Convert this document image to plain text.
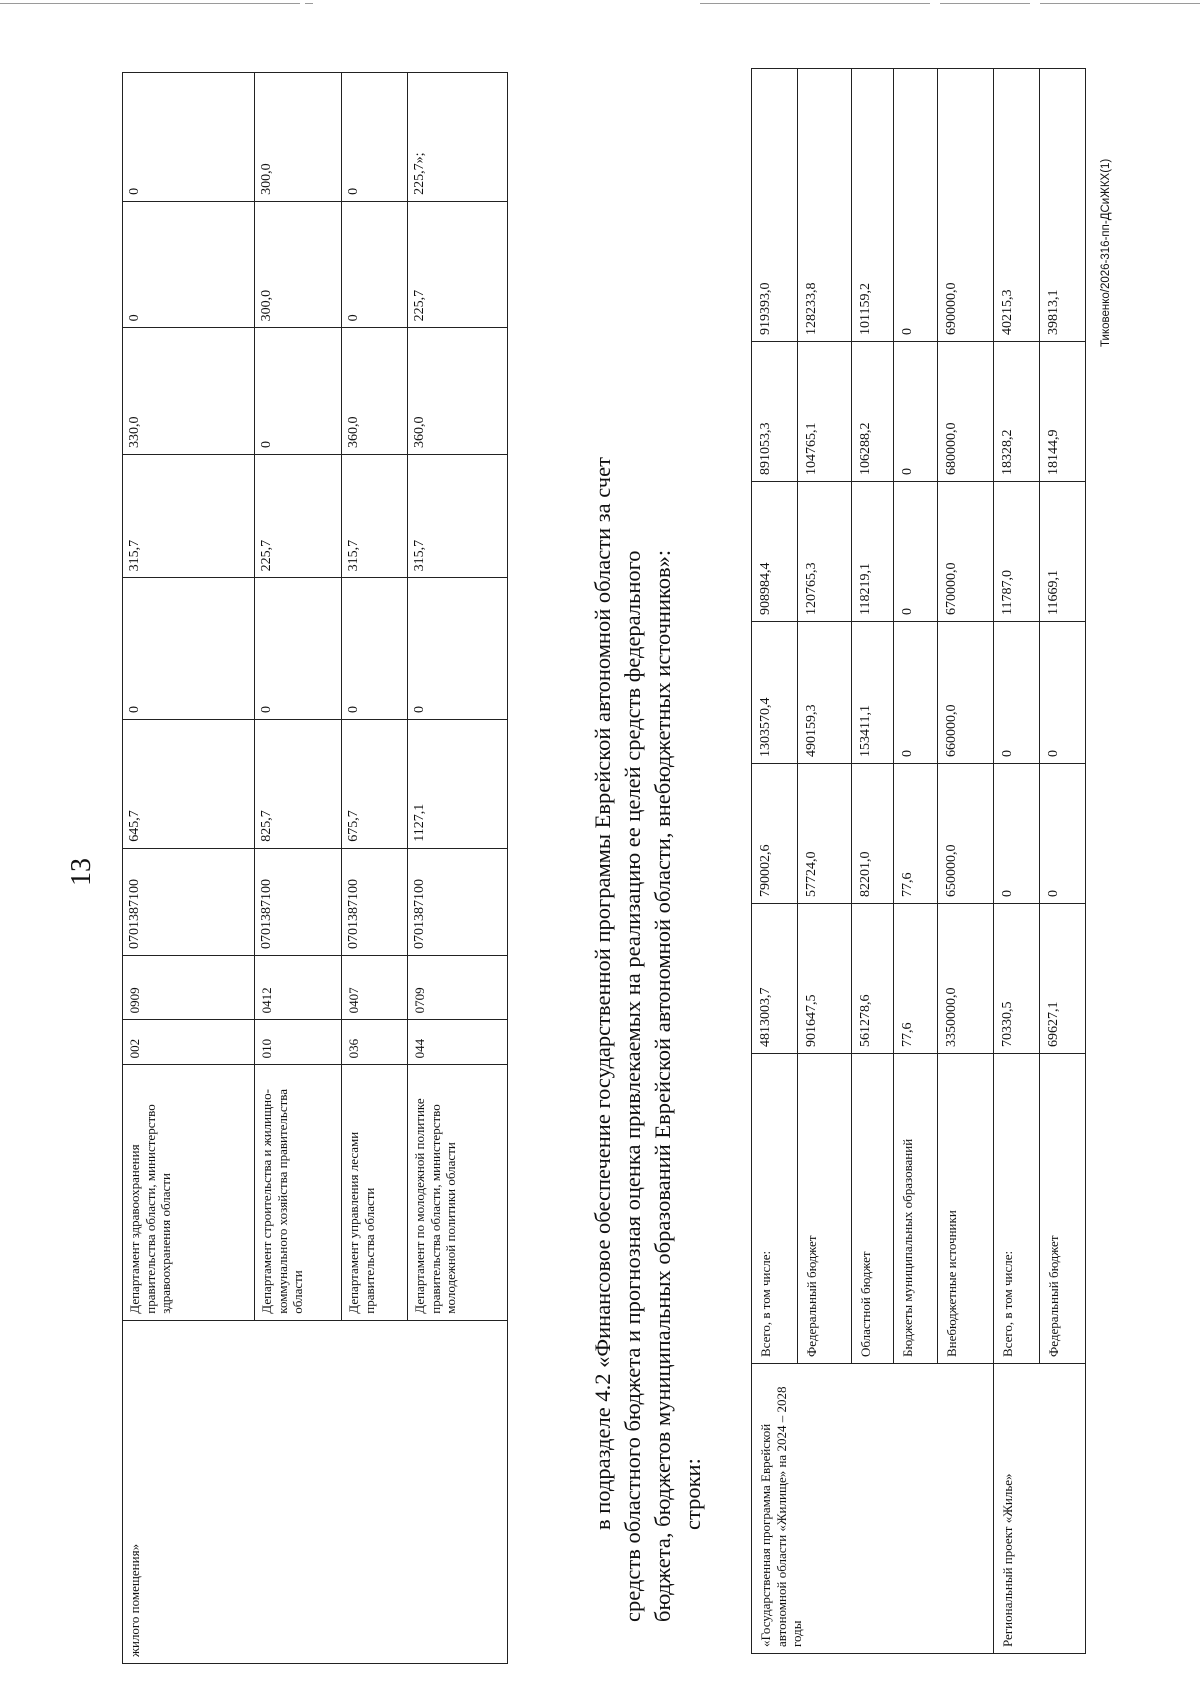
13
жилого помещения»	Департамент здравоохранения правительства области, министерство здравоохранения области	002	0909	0701387100	645,7	0	315,7	330,0	0	0
	Департамент строительства и жилищно-коммунального хозяйства правительства области	010	0412	0701387100	825,7	0	225,7	0	300,0	300,0
	Департамент управления лесами правительства области	036	0407	0701387100	675,7	0	315,7	360,0	0	0
	Департамент по молодежной политике правительства области, министерство молодежной политики области	044	0709	0701387100	1127,1	0	315,7	360,0	225,7	225,7»;
в подразделе 4.2 «Финансовое обеспечение государственной программы Еврейской автономной области за счет средств областного бюджета и прогнозная оценка привлекаемых на реализацию ее целей средств федерального бюджета, бюджетов муниципальных образований Еврейской автономной области, внебюджетных источников»: строки:	«Государственная программа Еврейской автономной области «Жилище» на 2024 – 2028 годы	Всего, в том числе:	4813003,7	790002,6	1303570,4	908984,4	891053,3	919393,0
	Федеральный бюджет	901647,5	57724,0	490159,3	120765,3	104765,1	128233,8
	Областной бюджет	561278,6	82201,0	153411,1	118219,1	106288,2	101159,2
	Бюджеты муниципальных образований	77,6	77,6	0	0	0	0
	Внебюджетные источники	3350000,0	650000,0	660000,0	670000,0	680000,0	690000,0
Региональный проект «Жилье»	Всего, в том числе:	70330,5	0	0	11787,0	18328,2	40215,3
	Федеральный бюджет	69627,1	0	0	11669,1	18144,9	39813,1	Тиковенко/2026-316-пп-ДСиЖКХ(1)
